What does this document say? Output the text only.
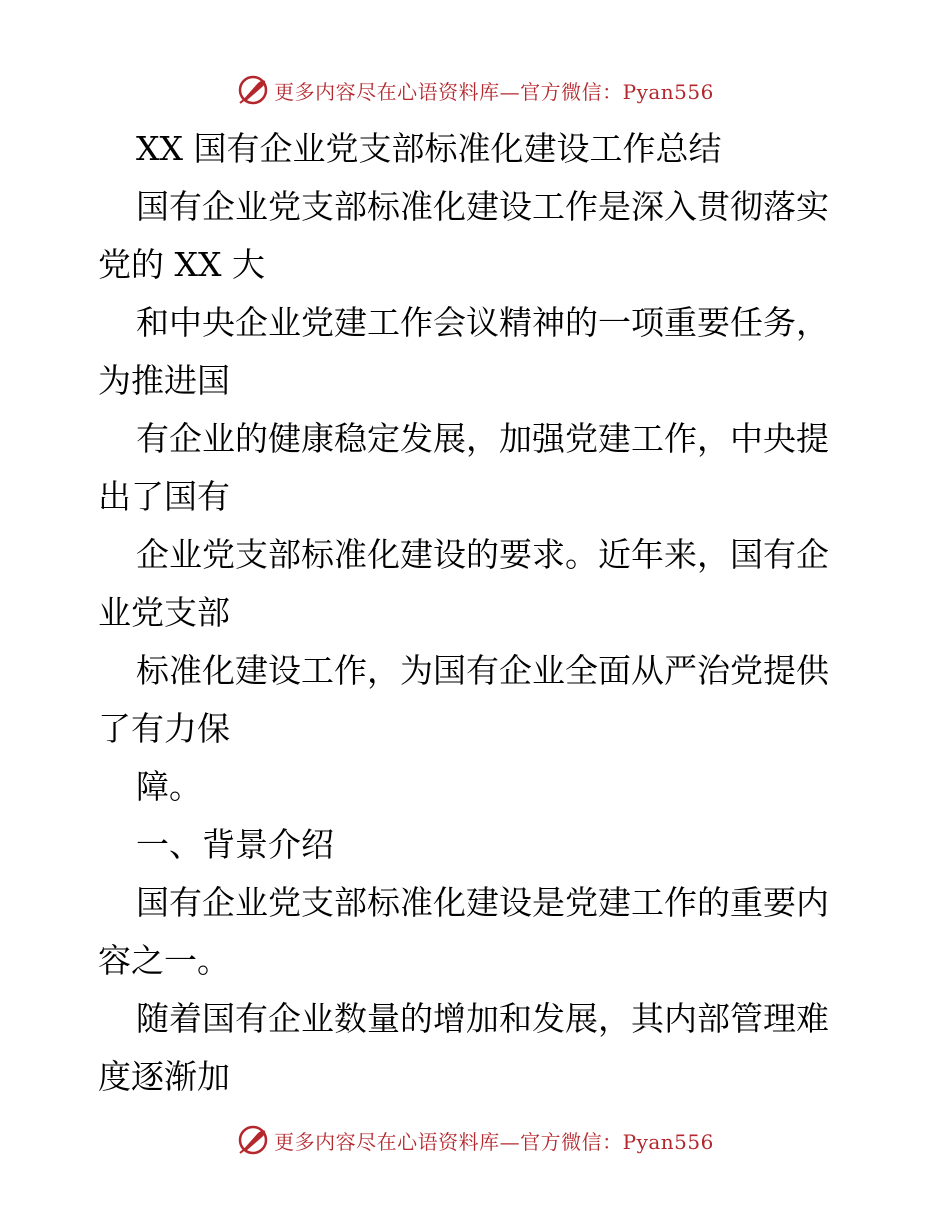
更多内容尽在心语资料库—官方微信：Pyan556
XX 国有企业党支部标准化建设工作总结
国有企业党支部标准化建设工作是深入贯彻落实
党的 XX 大
和中央企业党建工作会议精神的一项重要任务，
为推进国
有企业的健康稳定发展，加强党建工作，中央提
出了国有
企业党支部标准化建设的要求。近年来，国有企
业党支部
标准化建设工作，为国有企业全面从严治党提供
了有力保
障。
一、背景介绍
国有企业党支部标准化建设是党建工作的重要内
容之一。
随着国有企业数量的增加和发展，其内部管理难
度逐渐加
更多内容尽在心语资料库—官方微信：Pyan556
